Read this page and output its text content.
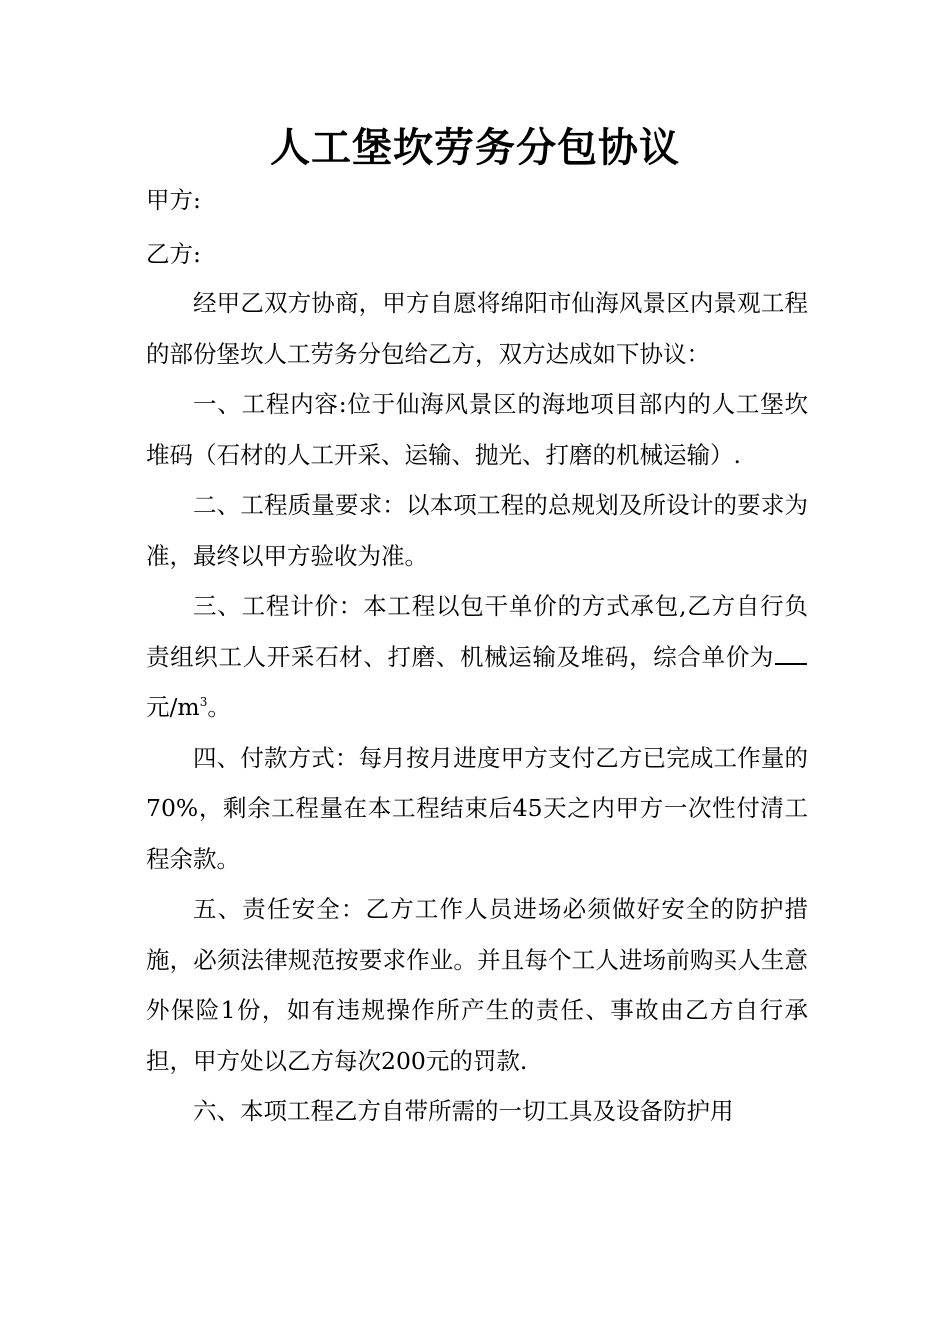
人工堡坎劳务分包协议

甲方:

乙方:

经甲乙双方协商，甲方自愿将绵阳市仙海风景区内景观工程的部份堡坎人工劳务分包给乙方，双方达成如下协议：

一、工程内容:位于仙海风景区的海地项目部内的人工堡坎堆码（石材的人工开采、运输、抛光、打磨的机械运输）.

二、工程质量要求：以本项工程的总规划及所设计的要求为准，最终以甲方验收为准。

三、工程计价：本工程以包干单价的方式承包,乙方自行负责组织工人开采石材、打磨、机械运输及堆码，综合单价为元$/m^3$。

四、付款方式：每月按月进度甲方支付乙方已完成工作量的70%，剩余工程量在本工程结束后45天之内甲方一次性付清工程余款。

五、责任安全：乙方工作人员进场必须做好安全的防护措施，必须法律规范按要求作业。并且每个工人进场前购买人生意外保险1份，如有违规操作所产生的责任、事故由乙方自行承担，甲方处以乙方每次200元的罚款.

六、本项工程乙方自带所需的一切工具及设备防护用
